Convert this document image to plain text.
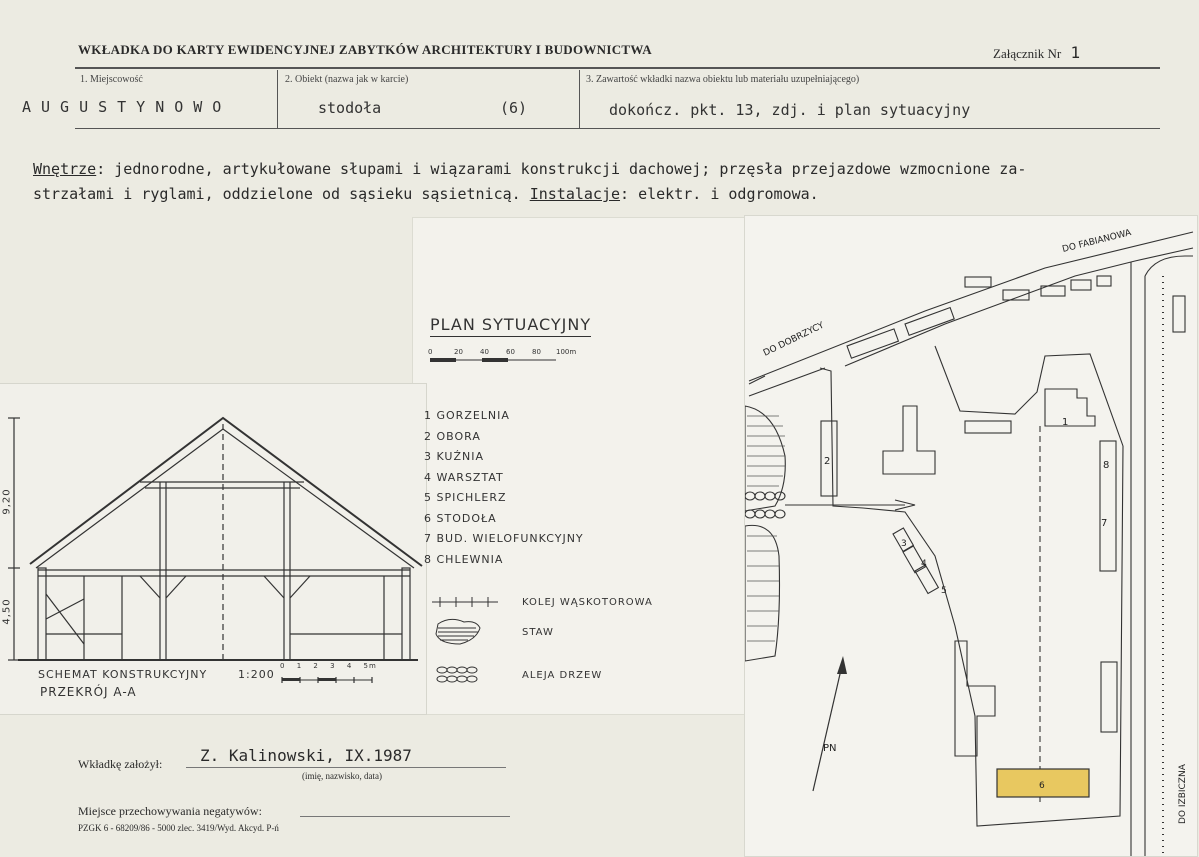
WKŁADKA DO KARTY EWIDENCYJNEJ ZABYTKÓW ARCHITEKTURY I BUDOWNICTWA	Załącznik Nr 1
1. Miejscowość	2. Obiekt (nazwa jak w karcie)	3. Zawartość wkładki nazwa obiektu lub materiału uzupełniającego)
AUGUSTYNOWO	stodoła	(6)	dokończ. pkt. 13, zdj. i plan sytuacyjny
Wnętrze: jednorodne, artykułowane słupami i wiązarami konstrukcji dachowej; przęsła przejazdowe wzmocnione za-
strzałami i ryglami, oddzielone od sąsieku sąsietnicą. Instalacje: elektr. i odgromowa.
9,20
4,50
SCHEMAT KONSTRUKCYJNY	1:200
0 1 2 3 4 5m
PRZEKRÓJ A-A
PLAN SYTUACYJNY
0	20 40 60 80 100m
1 GORZELNIA
2 OBORA
3 KUŹNIA
4 WARSZTAT
5 SPICHLERZ
6 STODOŁA
7 BUD. WIELOFUNKCYJNY
8 CHLEWNIA
KOLEJ WĄSKOTOROWA
STAW
ALEJA DRZEW
1
2
3
4
5
6
7
8
DO FABIANOWA
DO DOBRZYCY
DO IZBICZNA
PN
Wkładkę założył: Z. Kalinowski, IX.1987
(imię, nazwisko, data)
Miejsce przechowywania negatywów:
PZGK 6 - 68209/86 - 5000 zlec. 3419/Wyd. Akcyd. P-ń
